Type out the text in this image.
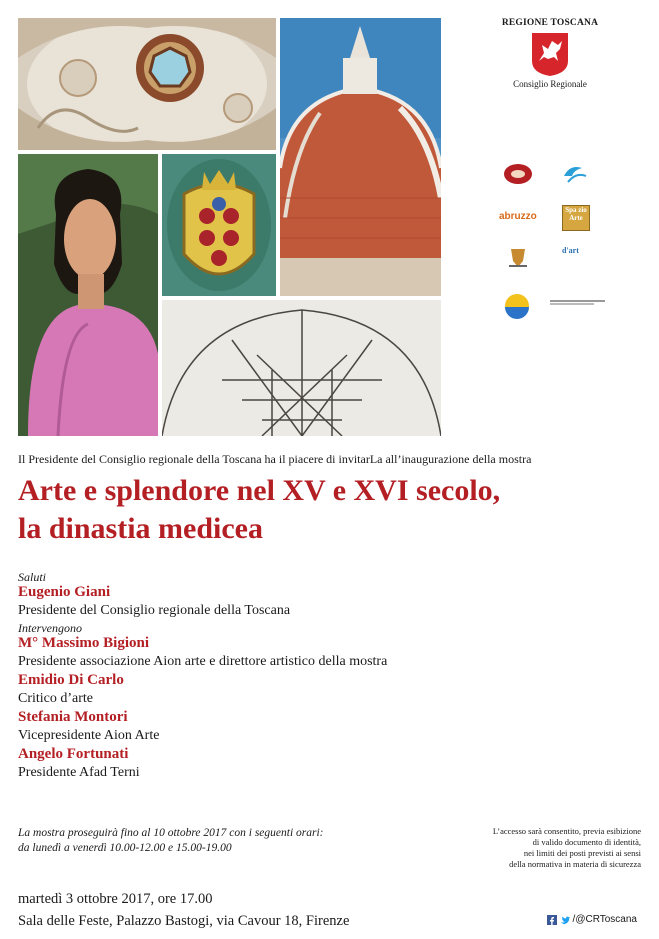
REGIONE TOSCANA
Consiglio Regionale
abruzzo
Spa zio Arte
d'art
Il Presidente del Consiglio regionale della Toscana ha il piacere di invitarLa all’inaugurazione della mostra
Arte e splendore nel XV e XVI secolo,
la dinastia medicea
Saluti
Eugenio Giani
Presidente del Consiglio regionale della Toscana
Intervengono
M° Massimo Bigioni
Presidente associazione Aion arte e direttore artistico della mostra
Emidio Di Carlo
Critico d’arte
Stefania Montori
Vicepresidente Aion Arte
Angelo Fortunati
Presidente Afad Terni
La mostra proseguirà fino al 10 ottobre 2017 con i seguenti orari:
da lunedì a venerdì 10.00-12.00 e 15.00-19.00
L’accesso sarà consentito, previa esibizione
di valido documento di identità,
nei limiti dei posti previsti ai sensi
della normativa in materia di sicurezza
martedì 3 ottobre 2017, ore 17.00
Sala delle Feste, Palazzo Bastogi, via Cavour 18, Firenze	/@CRToscana
